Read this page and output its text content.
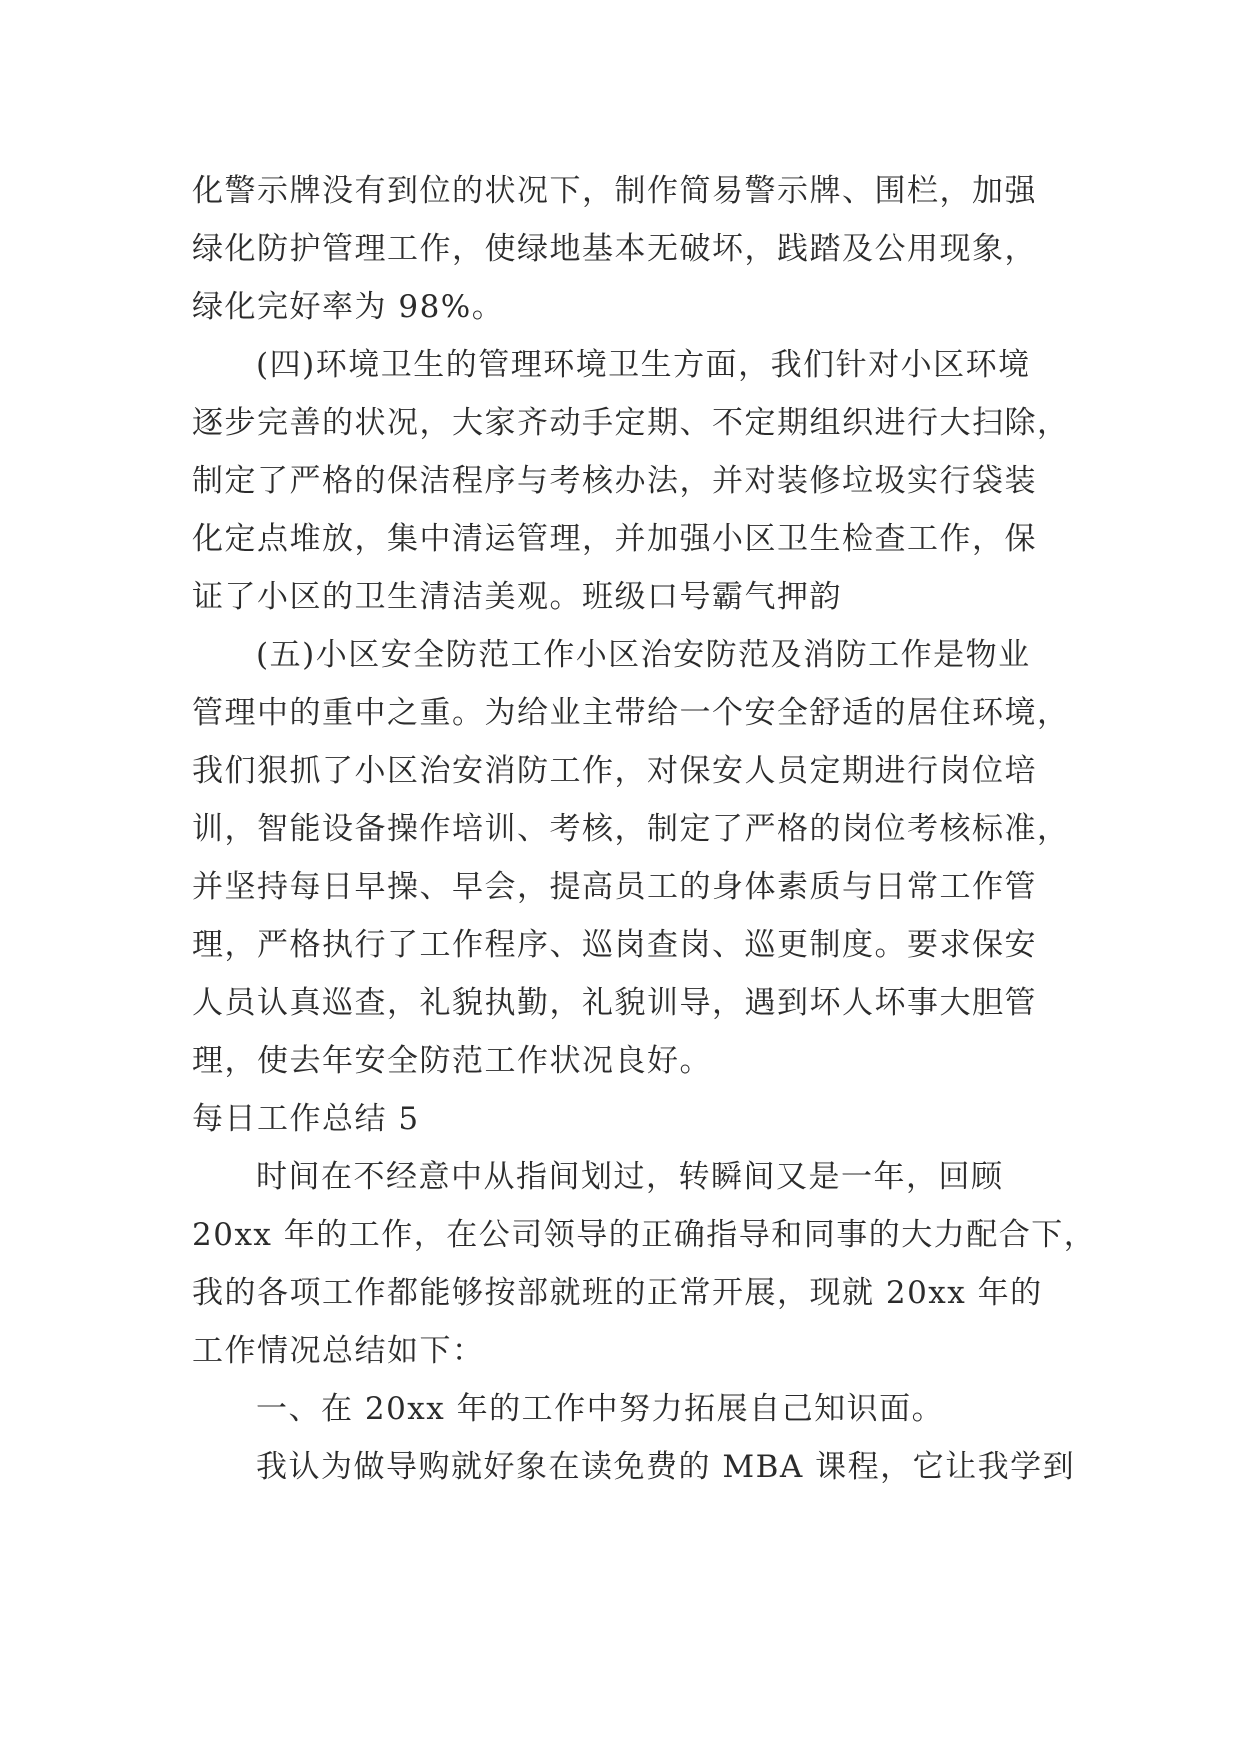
化警示牌没有到位的状况下，制作简易警示牌、围栏，加强
绿化防护管理工作，使绿地基本无破坏，践踏及公用现象，
绿化完好率为 98%。

(四)环境卫生的管理环境卫生方面，我们针对小区环境
逐步完善的状况，大家齐动手定期、不定期组织进行大扫除，
制定了严格的保洁程序与考核办法，并对装修垃圾实行袋装
化定点堆放，集中清运管理，并加强小区卫生检查工作，保
证了小区的卫生清洁美观。班级口号霸气押韵

(五)小区安全防范工作小区治安防范及消防工作是物业
管理中的重中之重。为给业主带给一个安全舒适的居住环境，
我们狠抓了小区治安消防工作，对保安人员定期进行岗位培
训，智能设备操作培训、考核，制定了严格的岗位考核标准，
并坚持每日早操、早会，提高员工的身体素质与日常工作管
理，严格执行了工作程序、巡岗查岗、巡更制度。要求保安
人员认真巡查，礼貌执勤，礼貌训导，遇到坏人坏事大胆管
理，使去年安全防范工作状况良好。

每日工作总结 5

时间在不经意中从指间划过，转瞬间又是一年，回顾
20xx 年的工作，在公司领导的正确指导和同事的大力配合下，
我的各项工作都能够按部就班的正常开展，现就 20xx 年的
工作情况总结如下：

一、在 20xx 年的工作中努力拓展自己知识面。

我认为做导购就好象在读免费的 MBA 课程，它让我学到
